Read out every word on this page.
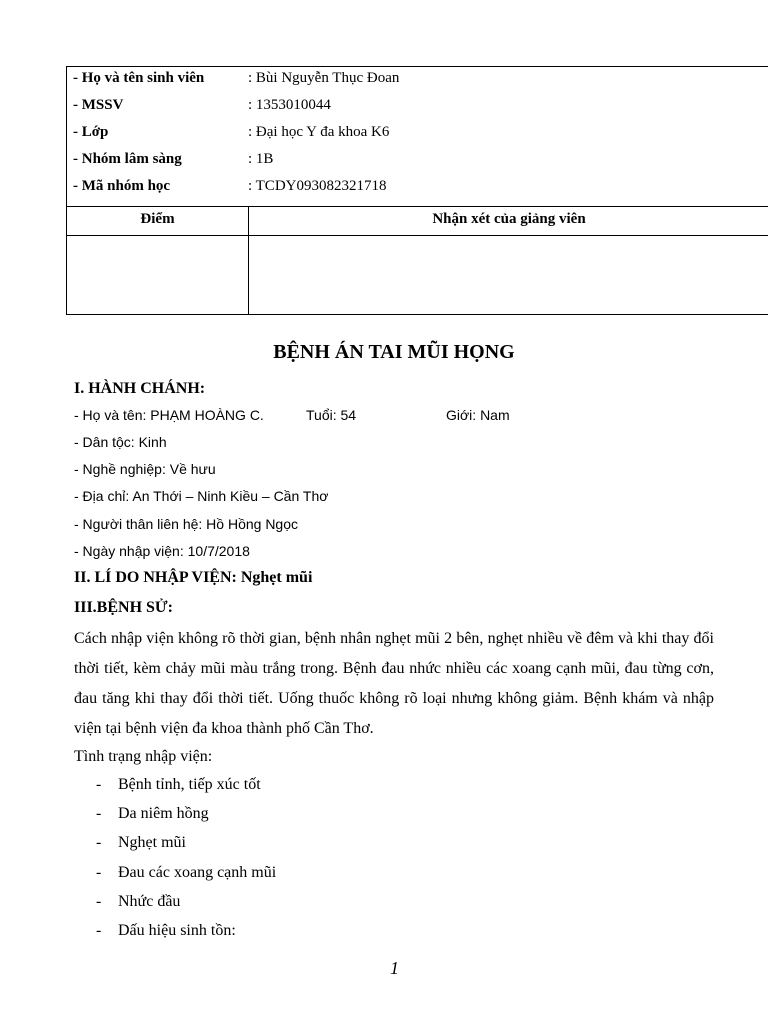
- Họ và tên sinh viên	: Bùi Nguyễn Thục Đoan
- MSSV	: 1353010044
- Lớp	: Đại học Y đa khoa K6
- Nhóm lâm sàng	: 1B
- Mã nhóm học	: TCDY093082321718
Điểm	Nhận xét của giảng viên
BỆNH ÁN TAI MŨI HỌNG
I. HÀNH CHÁNH:
- Họ và tên: PHẠM HOÀNG C.	Tuổi: 54	Giới: Nam
- Dân tộc: Kinh
- Nghề nghiệp: Về hưu
- Địa chỉ: An Thới – Ninh Kiều – Cần Thơ
- Người thân liên hệ: Hồ Hồng Ngọc
- Ngày nhập viện: 10/7/2018
II. LÍ DO NHẬP VIỆN: Nghẹt mũi
III.BỆNH SỬ:
Cách nhập viện không rõ thời gian, bệnh nhân nghẹt mũi 2 bên, nghẹt nhiều về đêm và khi thay đổi thời tiết, kèm chảy mũi màu trắng trong. Bệnh đau nhức nhiều các xoang cạnh mũi, đau từng cơn, đau tăng khi thay đổi thời tiết. Uống thuốc không rõ loại nhưng không giảm. Bệnh khám và nhập viện tại bệnh viện đa khoa thành phố Cần Thơ.
Tình trạng nhập viện:
- Bệnh tỉnh, tiếp xúc tốt
- Da niêm hồng
- Nghẹt mũi
- Đau các xoang cạnh mũi
- Nhức đầu
- Dấu hiệu sinh tồn:
1
